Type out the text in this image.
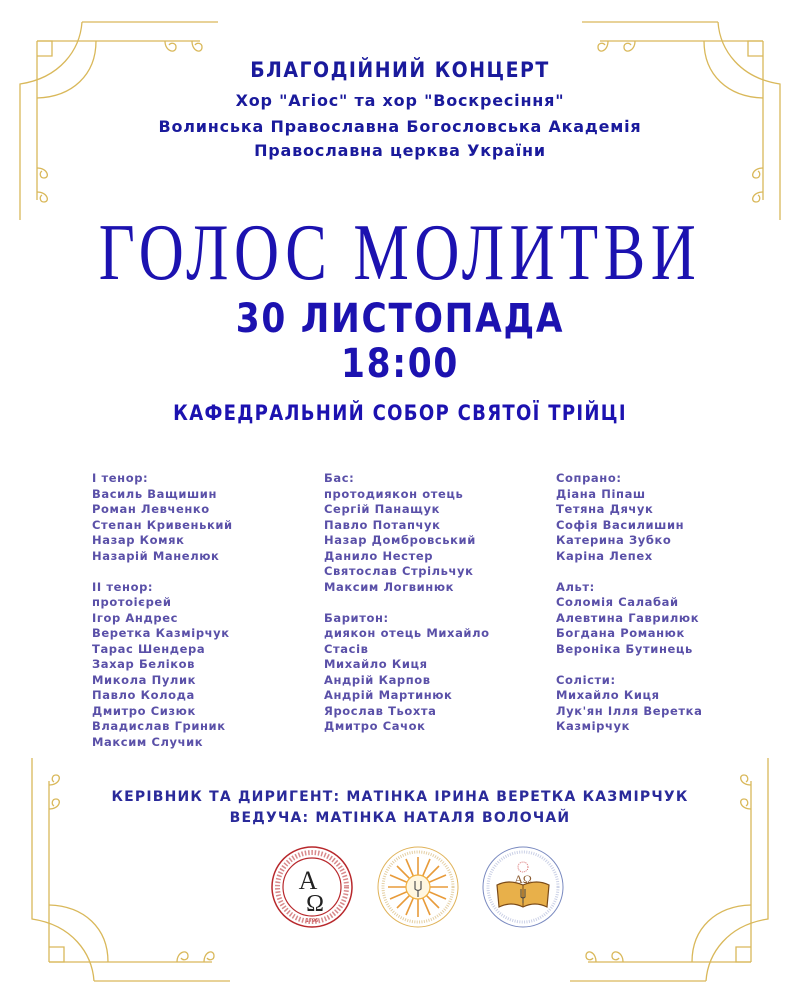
БЛАГОДІЙНИЙ КОНЦЕРТ
Хор "Агіос" та хор "Воскресіння"
Волинська Православна Богословська Академія
Православна церква України
ГОЛОС МОЛИТВИ
30 ЛИСТОПАДА
18:00
КАФЕДРАЛЬНИЙ СОБОР СВЯТОЇ ТРІЙЦІ
І тенор:
Василь Ващишин
Роман Левченко
Степан Кривенький
Назар Комяк
Назарій Манелюк
ІІ тенор:
протоієрей
Ігор Андрес
Веретка Казмірчук
Тарас Шендера
Захар Беліков
Микола Пулик
Павло Колода
Дмитро Сизюк
Владислав Гриник
Максим Случик
Бас:
протодиякон отець
Сергій Панащук
Павло Потапчук
Назар Домбровський
Данило Нестер
Святослав Стрільчук
Максим Логвинюк
Баритон:
диякон отець Михайло
Стасів
Михайло Киця
Андрій Карпов
Андрій Мартинюк
Ярослав Тьохта
Дмитро Сачок
Сопрано:
Діана Піпаш
Тетяна Дячук
Софія Василишин
Катерина Зубко
Каріна Лепех
Альт:
Соломія Салабай
Алевтина Гаврилюк
Богдана Романюк
Вероніка Бутинець
Солісти:
Михайло Киця
Лук'ян Ілля Веретка
Казмірчук
КЕРІВНИК ТА ДИРИГЕНТ: МАТІНКА ІРИНА ВЕРЕТКА КАЗМІРЧУК
ВЕДУЧА: МАТІНКА НАТАЛЯ ВОЛОЧАЙ
А
Ω
1796
АΩ
